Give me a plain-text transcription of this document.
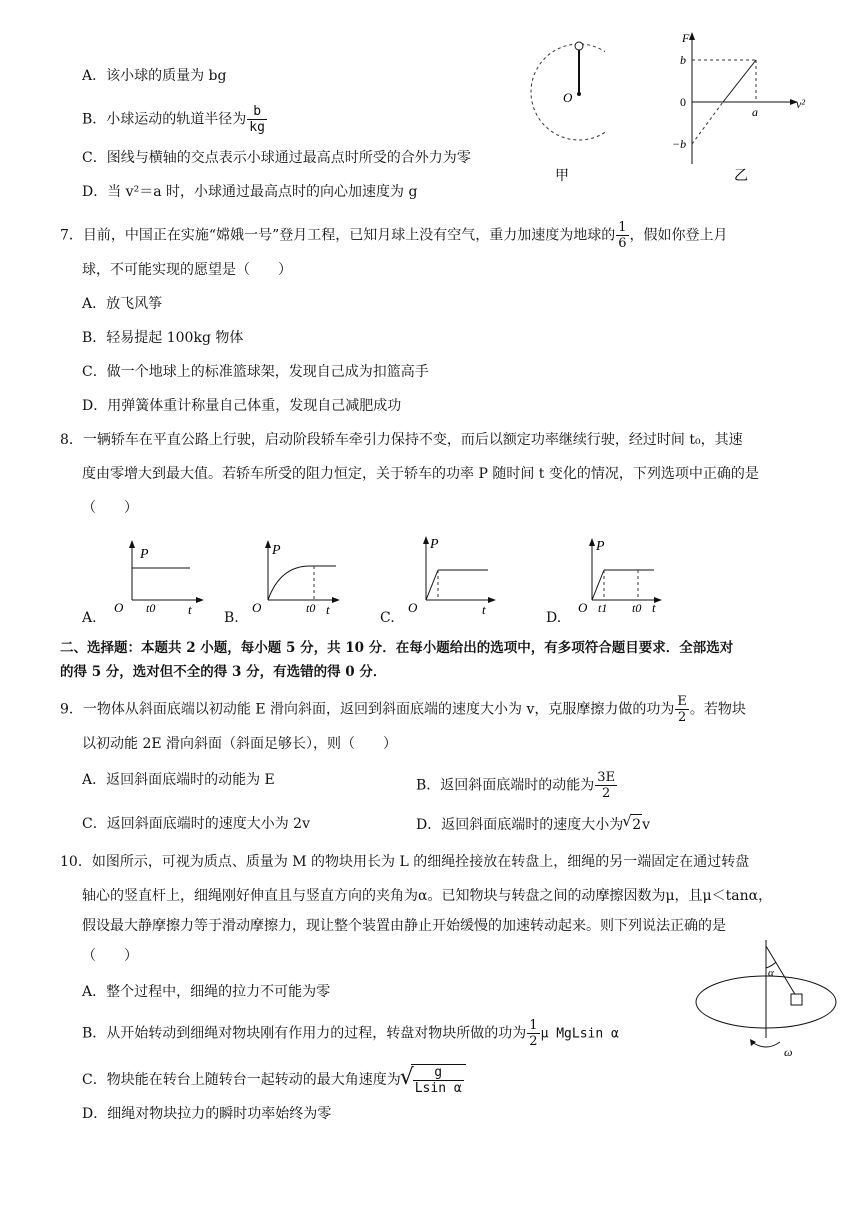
A．该小球的质量为 bg
B．小球运动的轨道半径为 $\frac{b}{kg}$
C．图线与横轴的交点表示小球通过最高点时所受的合外力为零
D．当 v²＝a 时，小球通过最高点时的向心加速度为 g
O
甲
F
b
0
−b
a
v²
乙
7．目前，中国正在实施“嫦娥一号”登月工程，已知月球上没有空气，重力加速度为地球的 $\frac{1}{6}$ ，假如你登上月
球，不可能实现的愿望是（　　）
A．放飞风筝
B．轻易提起 100kg 物体
C．做一个地球上的标准篮球架，发现自己成为扣篮高手
D．用弹簧体重计称量自己体重，发现自己减肥成功
8．一辆轿车在平直公路上行驶，启动阶段轿车牵引力保持不变，而后以额定功率继续行驶，经过时间 t₀，其速
度由零增大到最大值。若轿车所受的阻力恒定，关于轿车的功率 P 随时间 t 变化的情况，下列选项中正确的是
（　　）
A.
P
O t0	t
B.
P
O	t0 t
C.
P
O	t
D.
P
O t1 t0 t
二、选择题：本题共 2 小题，每小题 5 分，共 10 分．在每小题给出的选项中，有多项符合题目要求．全部选对
的得 5 分，选对但不全的得 3 分，有选错的得 0 分．
9．一物体从斜面底端以初动能 E 滑向斜面，返回到斜面底端的速度大小为 v，克服摩擦力做的功为 $\frac{E}{2}$ 。若物块
以初动能 2E 滑向斜面（斜面足够长），则（　　）
A．返回斜面底端时的动能为 E	B．返回斜面底端时的动能为 $\frac{3E}{2}$
C．返回斜面底端时的速度大小为 2v	D．返回斜面底端时的速度大小为 √ 2v
10．如图所示，可视为质点、质量为 M 的物块用长为 L 的细绳拴接放在转盘上，细绳的另一端固定在通过转盘
轴心的竖直杆上，细绳刚好伸直且与竖直方向的夹角为α。已知物块与转盘之间的动摩擦因数为μ，且μ＜tanα，
假设最大静摩擦力等于滑动摩擦力，现让整个装置由静止开始缓慢的加速转动起来。则下列说法正确的是
（　　）
A．整个过程中，细绳的拉力不可能为零
B．从开始转动到细绳对物块刚有作用力的过程，转盘对物块所做的功为 $\frac{1}{2}$ μ MgLsin α
C．物块能在转台上随转台一起转动的最大角速度为 √
$\frac{g}{\text{Lsin α}}$
D．细绳对物块拉力的瞬时功率始终为零
α
ω
